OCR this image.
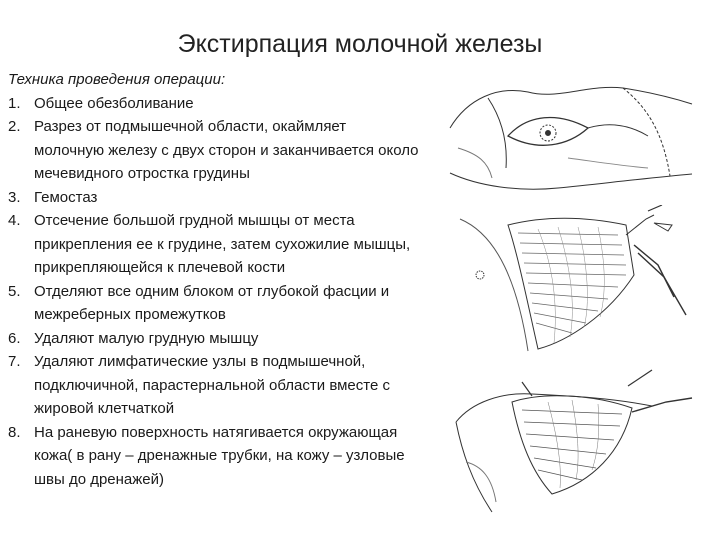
Экстирпация молочной железы

Техника проведения операции:

1. Общее обезболивание
2. Разрез от подмышечной области, окаймляет молочную железу с двух сторон и заканчивается около мечевидного отростка грудины
3. Гемостаз
4. Отсечение большой грудной мышцы от места прикрепления ее к грудине, затем сухожилие мышцы, прикрепляющейся к плечевой кости
5. Отделяют все одним блоком от глубокой фасции и межреберных промежутков
6. Удаляют малую грудную мышцу
7. Удаляют лимфатические узлы в подмышечной, подключичной, парастернальной области вместе с жировой клетчаткой
8. На раневую поверхность натягивается окружающая кожа( в рану – дренажные трубки, на кожу – узловые швы до дренажей)
